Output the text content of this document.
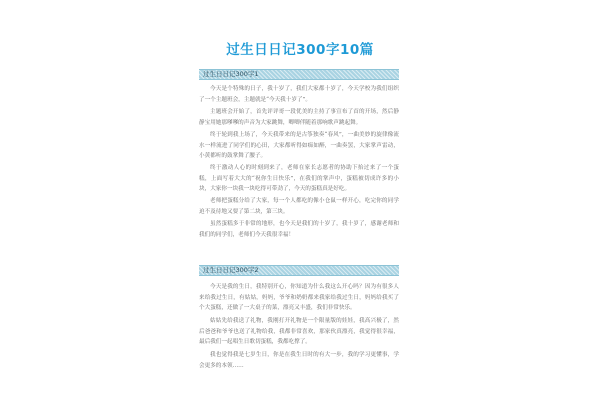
过生日日记300字10篇
过生日日记300字1

今天是个特殊的日子，我十岁了，我们大家都十岁了，今天学校为我们组织了一个主题班会，主题就是“今天我十岁了”。

主题班会开始了，首先评评哥一段优美的主持了事宣布了首的开场，然后静静宝用她那嗲嗲的声音为大家跳舞，唧唧伴随着那响歌声跳起舞。

终于轮到我上场了，今天我带来的是古筝独奏“春风”，一曲美妙的旋律像流水一样流进了同学们的心田，大家都听得如痴如醉，一曲奏罢，大家掌声雷动，小黄都听的鼓掌舞了腰子。

终于激动人心的时刻到来了，老师在家长志愿者的协助下抬过来了一个蛋糕，上面写着大大的“祝你生日快乐”，在我们的掌声中，蛋糕被切成许多的小块，大家你一块我一块吃得可带劲了，今天的蛋糕真是好吃。

老师把蛋糕分给了大家，每一个人都吃的像小仓鼠一样开心，吃完你的同学迫不及待地又要了第二块，第三块。

虽然蛋糕多于非常的地形，也今天是我们的十岁了，我十岁了，感谢老师和我们的同学们，老师们今天我很幸福！

过生日日记300字2

今天是我的生日，我特别开心，你知道为什么我这么开心吗？因为有很多人来给我过生日，有姑姑，妈妈，爷爷和奶奶都来我家给我过生日，妈妈给我买了个大蛋糕，还做了一大桌子的菜，漂亮又丰盛，我们非常快乐。

姑姑先给我送了礼物，我刚打开礼物是一个限量版的娃娃，我高兴极了，然后爸爸和爷爷也送了礼物给我，我都非常喜欢，那家伙真漂亮，我觉得很幸福，最后我们一起唱生日歌切蛋糕，我都吃撑了。

我也觉得我是七岁生日，你是在我生日时的有大一步，我的学习更懂事，学会更多的本领……
